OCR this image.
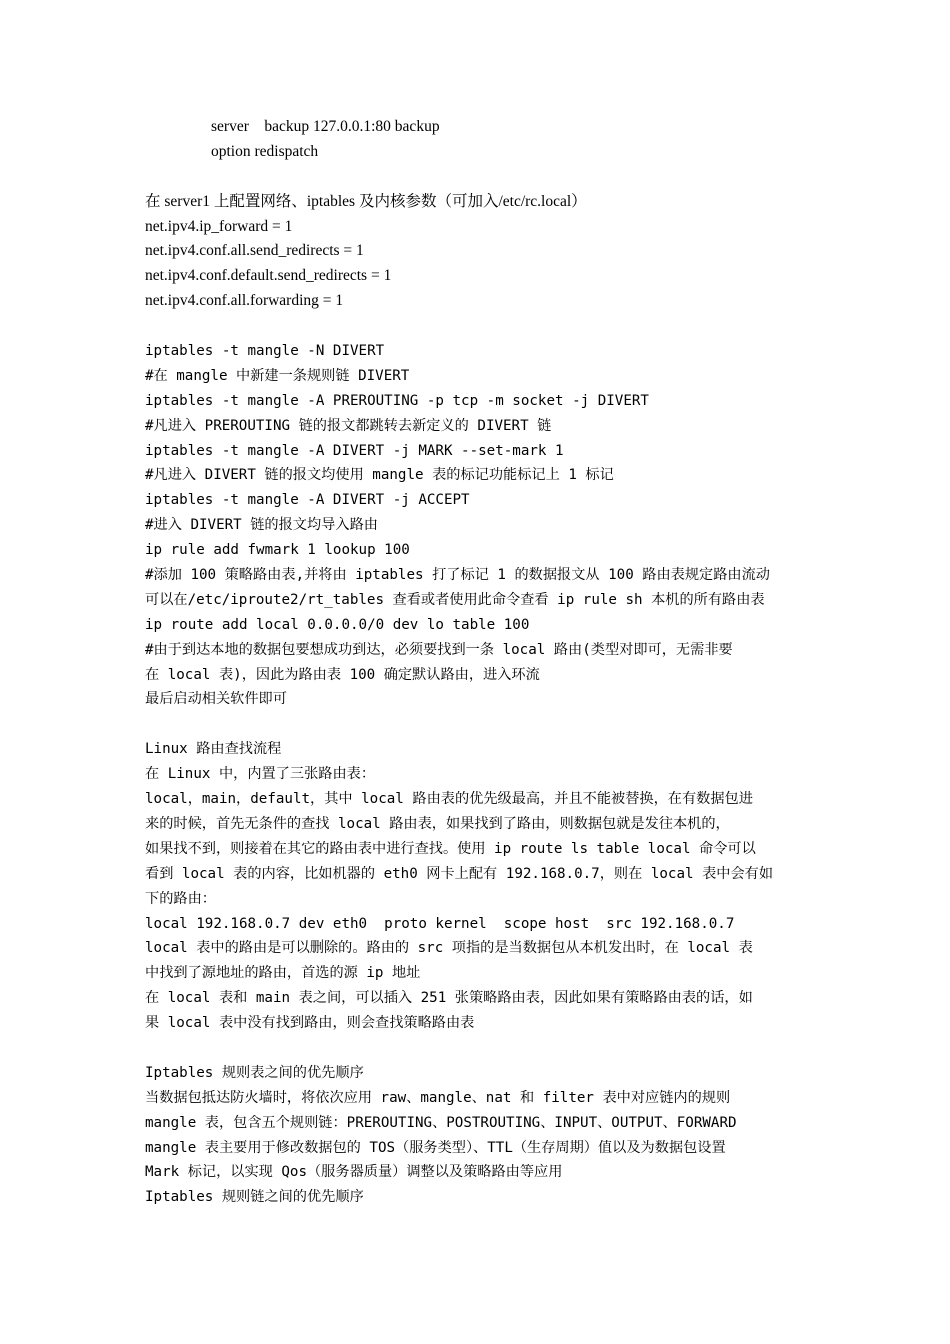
server    backup 127.0.0.1:80 backup
option redispatch
在 server1 上配置网络、iptables 及内核参数（可加入/etc/rc.local）
net.ipv4.ip_forward = 1
net.ipv4.conf.all.send_redirects = 1
net.ipv4.conf.default.send_redirects = 1
net.ipv4.conf.all.forwarding = 1
iptables -t mangle -N DIVERT
#在 mangle 中新建一条规则链 DIVERT
iptables -t mangle -A PREROUTING -p tcp -m socket -j DIVERT
#凡进入 PREROUTING 链的报文都跳转去新定义的 DIVERT 链
iptables -t mangle -A DIVERT -j MARK --set-mark 1
#凡进入 DIVERT 链的报文均使用 mangle 表的标记功能标记上 1 标记
iptables -t mangle -A DIVERT -j ACCEPT
#进入 DIVERT 链的报文均导入路由
ip rule add fwmark 1 lookup 100
#添加 100 策略路由表,并将由 iptables 打了标记 1 的数据报文从 100 路由表规定路由流动
可以在/etc/iproute2/rt_tables 查看或者使用此命令查看 ip rule sh 本机的所有路由表
ip route add local 0.0.0.0/0 dev lo table 100
#由于到达本地的数据包要想成功到达，必须要找到一条 local 路由(类型对即可，无需非要
在 local 表)，因此为路由表 100 确定默认路由，进入环流
最后启动相关软件即可
Linux 路由查找流程
在 Linux 中，内置了三张路由表：
local，main，default，其中 local 路由表的优先级最高，并且不能被替换，在有数据包进
来的时候，首先无条件的查找 local 路由表，如果找到了路由，则数据包就是发往本机的，
如果找不到，则接着在其它的路由表中进行查找。使用 ip route ls table local 命令可以
看到 local 表的内容，比如机器的 eth0 网卡上配有 192.168.0.7，则在 local 表中会有如
下的路由：
local 192.168.0.7 dev eth0  proto kernel  scope host  src 192.168.0.7
local 表中的路由是可以删除的。路由的 src 项指的是当数据包从本机发出时，在 local 表
中找到了源地址的路由，首选的源 ip 地址
在 local 表和 main 表之间，可以插入 251 张策略路由表，因此如果有策略路由表的话，如
果 local 表中没有找到路由，则会查找策略路由表
Iptables 规则表之间的优先顺序
当数据包抵达防火墙时，将依次应用 raw、mangle、nat 和 filter 表中对应链内的规则
mangle 表，包含五个规则链：PREROUTING、POSTROUTING、INPUT、OUTPUT、FORWARD
mangle 表主要用于修改数据包的 TOS（服务类型）、TTL（生存周期）值以及为数据包设置
Mark 标记，以实现 Qos（服务器质量）调整以及策略路由等应用
Iptables 规则链之间的优先顺序
